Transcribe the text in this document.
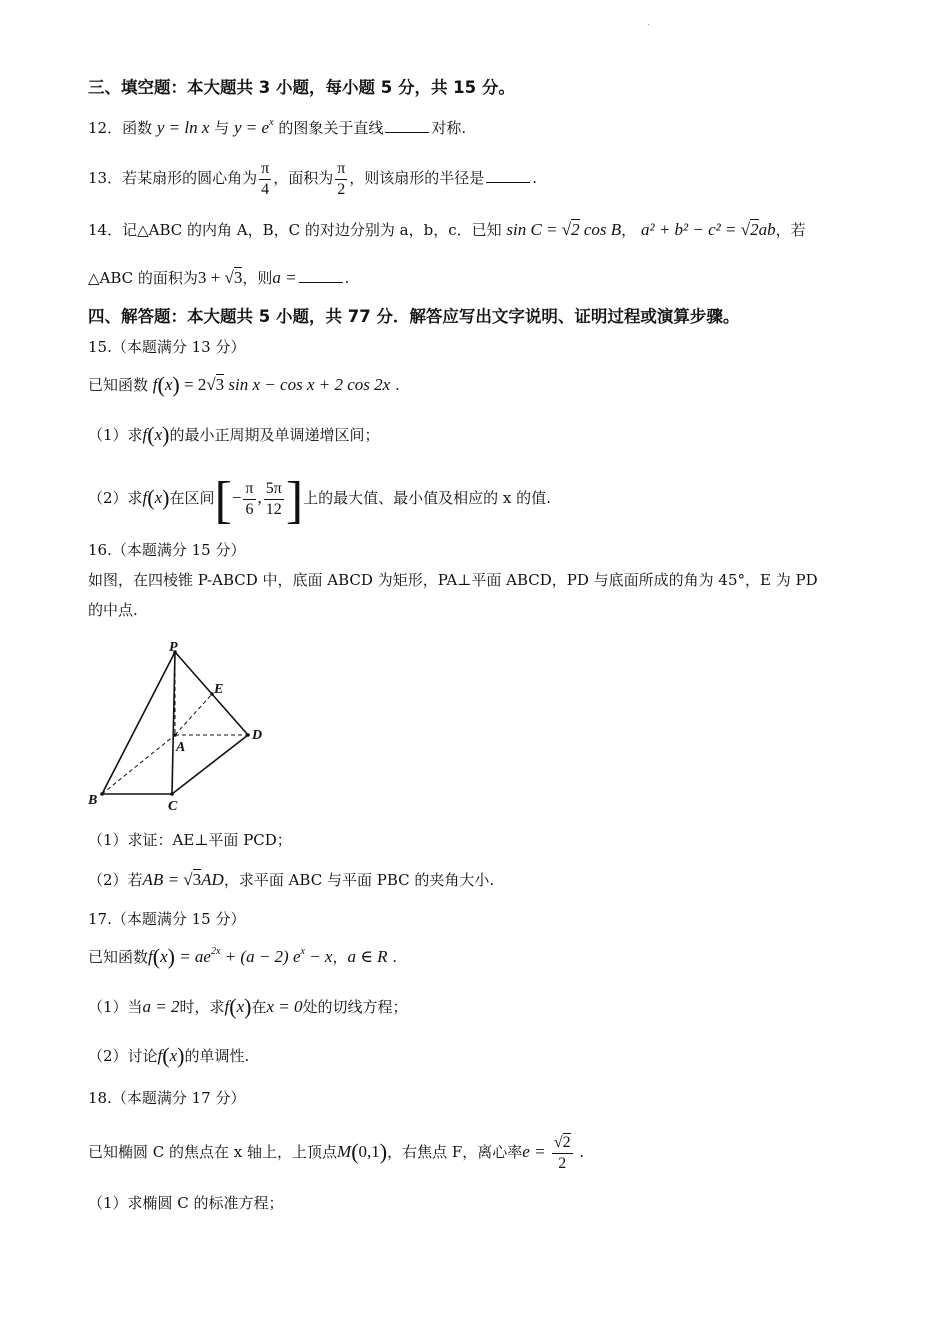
.
三、填空题：本大题共 3 小题，每小题 5 分，共 15 分。
12．函数 y = ln x 与 $y = e^x$ 的图象关于直线	对称.
13．若某扇形的圆心角为 $\frac{\pi}{4}$ ，面积为 $\frac{\pi}{2}$ ，则该扇形的半径是	.
14．记△ABC 的内角 A，B，C 的对边分别为 a，b，c．已知 sin C = √2 cos B， a² + b² − c² = √2ab，若
△ABC 的面积为3 + √3，则a =	.
四、解答题：本大题共 5 小题，共 77 分．解答应写出文字说明、证明过程或演算步骤。
15.（本题满分 13 分）
已知函数 f(x) = 2√3 sin x − cos x + 2 cos 2x .
（1）求f(x)的最小正周期及单调递增区间；
（2）求f(x)在区间[− $\frac{\pi}{6}$ , $\frac{5\pi}{12}$ ]上的最大值、最小值及相应的 x 的值.
16.（本题满分 15 分）
如图，在四棱锥 P-ABCD 中，底面 ABCD 为矩形，PA⊥平面 ABCD，PD 与底面所成的角为 45°，E 为 PD
的中点.
P
E
A
D
B	C
（1）求证：AE⊥平面 PCD；
（2）若AB = √3AD，求平面 ABC 与平面 PBC 的夹角大小.
17.（本题满分 15 分）
已知函数$f(x) = ae^{2x} + (a - 2) e^x - x$，a ∈ R .
（1）当a = 2时，求f(x)在x = 0处的切线方程；
（2）讨论f(x)的单调性.
18.（本题满分 17 分）
已知椭圆 C 的焦点在 x 轴上，上顶点M(0,1)，右焦点 F，离心率$e = \frac{√2}{2}$ .
（1）求椭圆 C 的标准方程；
